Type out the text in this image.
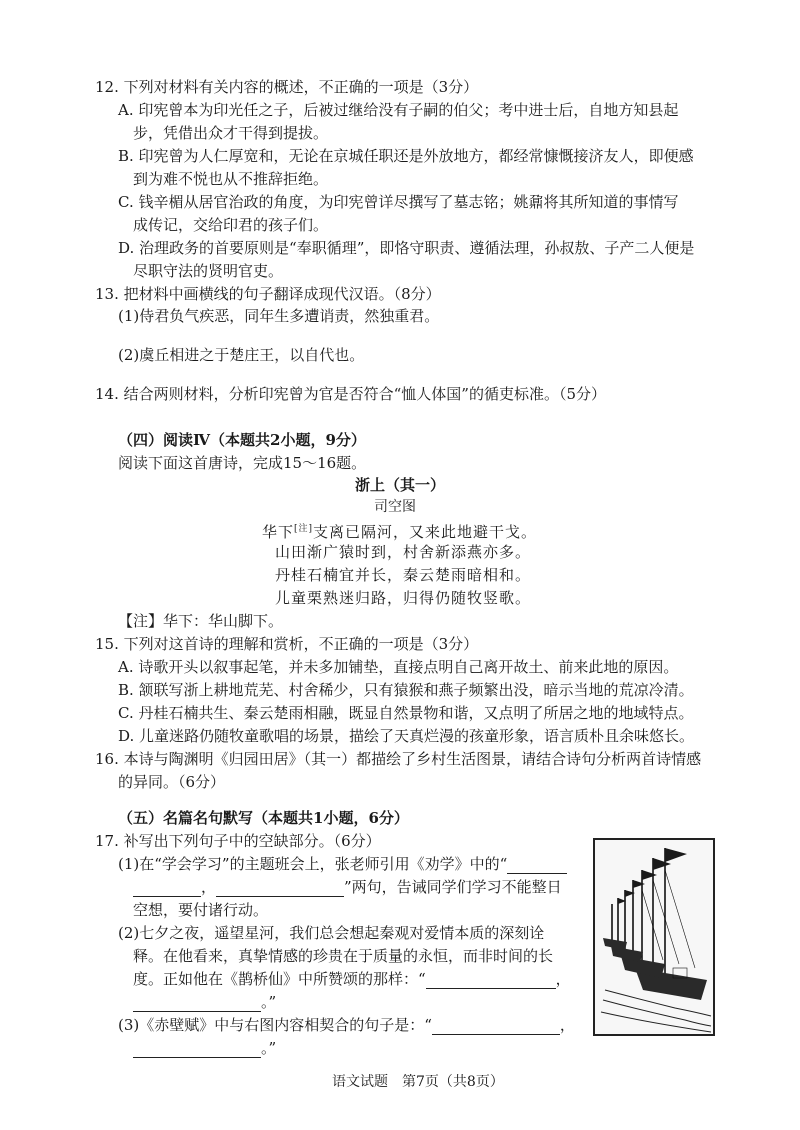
12. 下列对材料有关内容的概述，不正确的一项是（3分）
A. 印宪曾本为印光任之子，后被过继给没有子嗣的伯父；考中进士后，自地方知县起
步，凭借出众才干得到提拔。
B. 印宪曾为人仁厚宽和，无论在京城任职还是外放地方，都经常慷慨接济友人，即便感
到为难不悦也从不推辞拒绝。
C. 钱辛楣从居官治政的角度，为印宪曾详尽撰写了墓志铭；姚鼐将其所知道的事情写
成传记，交给印君的孩子们。
D. 治理政务的首要原则是“奉职循理”，即恪守职责、遵循法理，孙叔敖、子产二人便是
尽职守法的贤明官吏。
13. 把材料中画横线的句子翻译成现代汉语。（8分）
(1)侍君负气疾恶，同年生多遭诮责，然独重君。
(2)虞丘相进之于楚庄王，以自代也。
14. 结合两则材料，分析印宪曾为官是否符合“恤人体国”的循吏标准。（5分）
（四）阅读Ⅳ（本题共2小题，9分）
阅读下面这首唐诗，完成15～16题。
浙上（其一）
司空图
华下[注]支离已隔河，又来此地避干戈。
山田渐广猿时到，村舍新添燕亦多。
丹桂石楠宜并长，秦云楚雨暗相和。
儿童栗熟迷归路，归得仍随牧竖歌。
【注】华下：华山脚下。
15. 下列对这首诗的理解和赏析，不正确的一项是（3分）
A. 诗歌开头以叙事起笔，并未多加铺垫，直接点明自己离开故土、前来此地的原因。
B. 颔联写浙上耕地荒芜、村舍稀少，只有猿猴和燕子频繁出没，暗示当地的荒凉冷清。
C. 丹桂石楠共生、秦云楚雨相融，既显自然景物和谐，又点明了所居之地的地域特点。
D. 儿童迷路仍随牧童歌唱的场景，描绘了天真烂漫的孩童形象，语言质朴且余味悠长。
16. 本诗与陶渊明《归园田居》（其一）都描绘了乡村生活图景，请结合诗句分析两首诗情感
的异同。（6分）
（五）名篇名句默写（本题共1小题，6分）
17. 补写出下列句子中的空缺部分。（6分）
(1)在“学会学习”的主题班会上，张老师引用《劝学》中的“
，	”两句，告诫同学们学习不能整日
空想，要付诸行动。
(2)七夕之夜，遥望星河，我们总会想起秦观对爱情本质的深刻诠
释。在他看来，真挚情感的珍贵在于质量的永恒，而非时间的长
度。正如他在《鹊桥仙》中所赞颂的那样：“	，
。”
(3)《赤壁赋》中与右图内容相契合的句子是：“	，
。”
语文试题　第7页（共8页）
